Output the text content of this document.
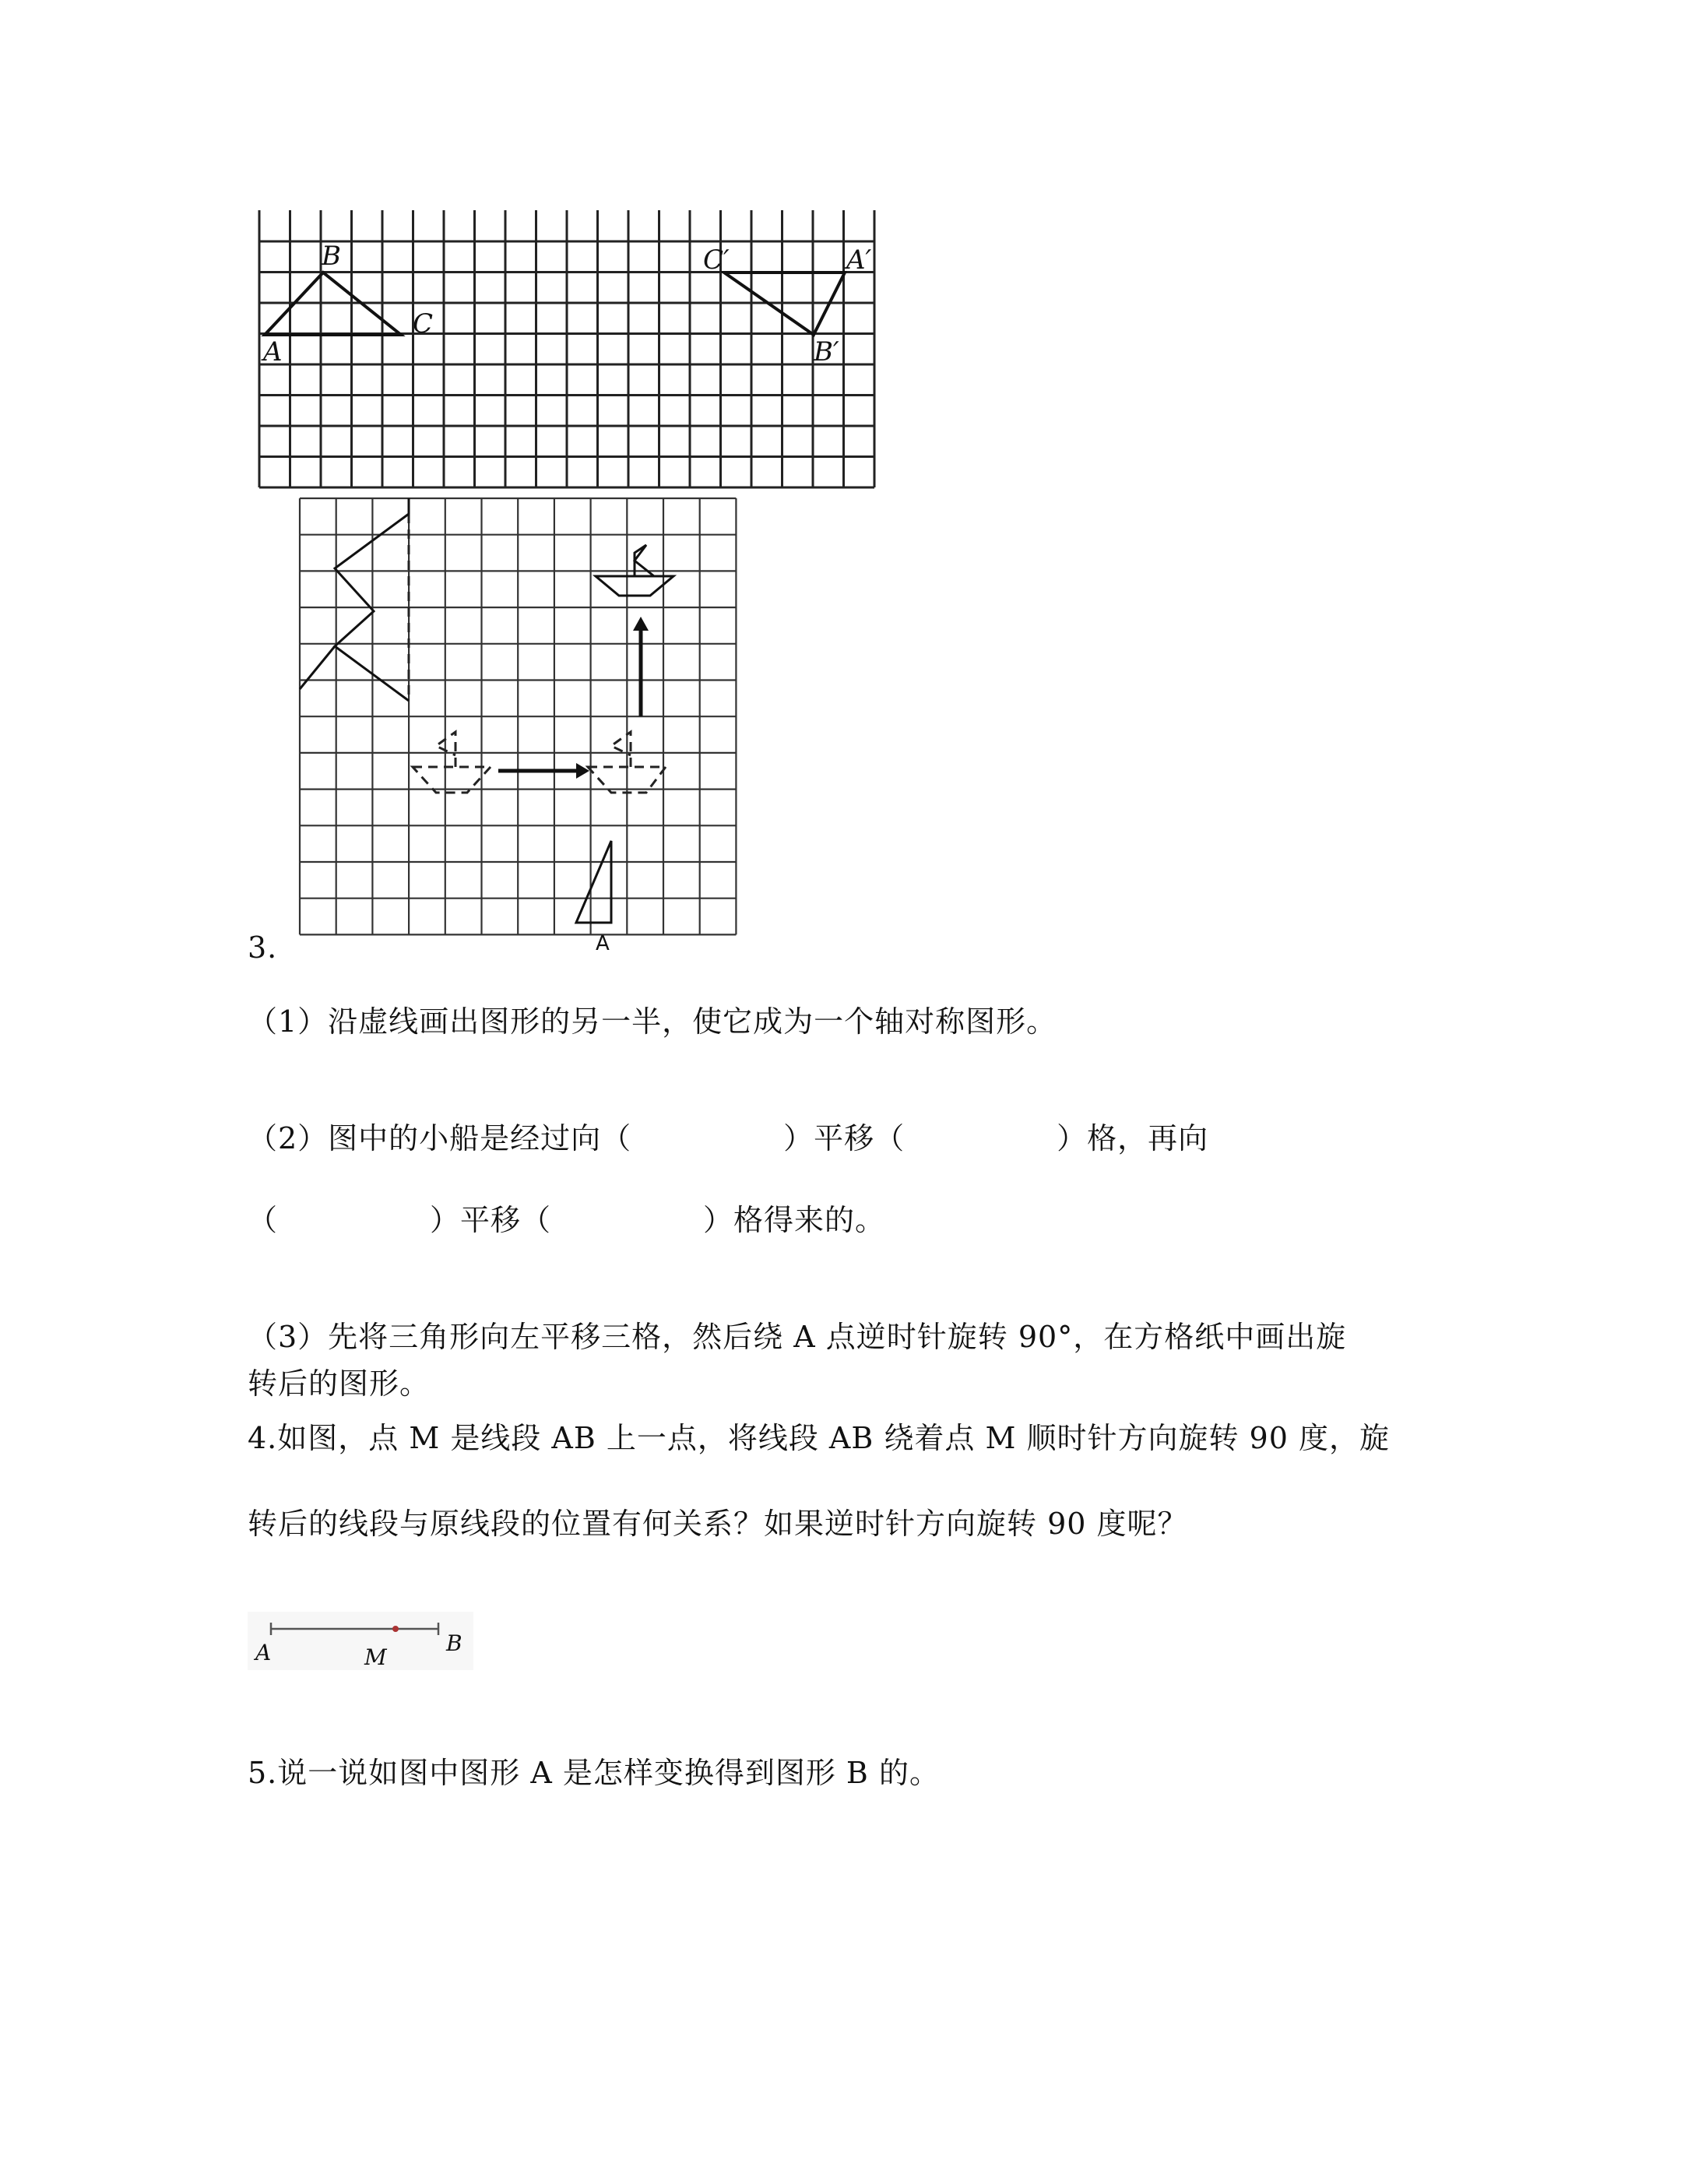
A
B
C
C′	A′
B′
A
3.
（1）沿虚线画出图形的另一半，使它成为一个轴对称图形。
（2）图中的小船是经过向（　　　　　）平移（　　　　　）格，再向
（　　　　　）平移（　　　　　）格得来的。
（3）先将三角形向左平移三格，然后绕 A 点逆时针旋转 90°，在方格纸中画出旋
转后的图形。
4.如图，点 M 是线段 AB 上一点，将线段 AB 绕着点 M 顺时针方向旋转 90 度，旋
转后的线段与原线段的位置有何关系？如果逆时针方向旋转 90 度呢？
A	M
B
5.说一说如图中图形 A 是怎样变换得到图形 B 的。
